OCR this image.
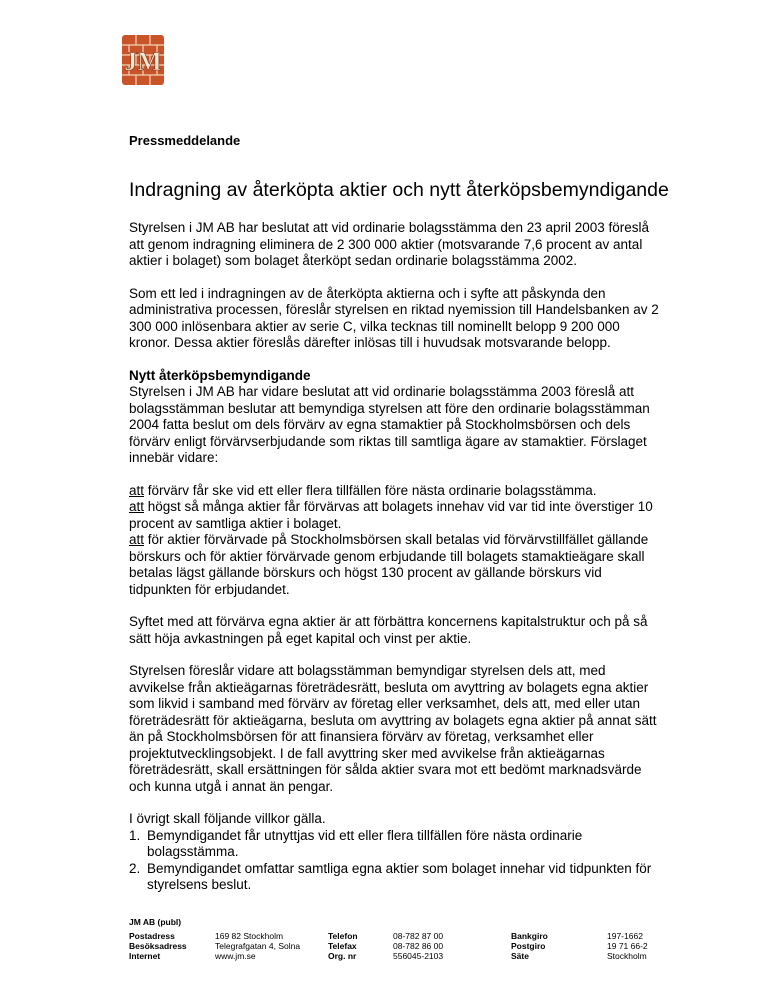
JM
Pressmeddelande
Indragning av återköpta aktier och nytt återköpsbemyndigande

Styrelsen i JM AB har beslutat att vid ordinarie bolagsstämma den 23 april 2003 föreslå att genom indragning eliminera de 2 300 000 aktier (motsvarande 7,6 procent av antal aktier i bolaget) som bolaget återköpt sedan ordinarie bolagsstämma 2002.

Som ett led i indragningen av de återköpta aktierna och i syfte att påskynda den administrativa processen, föreslår styrelsen en riktad nyemission till Handelsbanken av 2 300 000 inlösenbara aktier av serie C, vilka tecknas till nominellt belopp 9 200 000 kronor. Dessa aktier föreslås därefter inlösas till i huvudsak motsvarande belopp.

Nytt återköpsbemyndigande
Styrelsen i JM AB har vidare beslutat att vid ordinarie bolagsstämma 2003 föreslå att bolagsstämman beslutar att bemyndiga styrelsen att före den ordinarie bolagsstämman 2004 fatta beslut om dels förvärv av egna stamaktier på Stockholmsbörsen och dels förvärv enligt förvärvserbjudande som riktas till samtliga ägare av stamaktier. Förslaget innebär vidare:

att förvärv får ske vid ett eller flera tillfällen före nästa ordinarie bolagsstämma.
att högst så många aktier får förvärvas att bolagets innehav vid var tid inte överstiger 10 procent av samtliga aktier i bolaget.
att för aktier förvärvade på Stockholmsbörsen skall betalas vid förvärvstillfället gällande börskurs och för aktier förvärvade genom erbjudande till bolagets stamaktieägare skall betalas lägst gällande börskurs och högst 130 procent av gällande börskurs vid tidpunkten för erbjudandet.

Syftet med att förvärva egna aktier är att förbättra koncernens kapitalstruktur och på så sätt höja avkastningen på eget kapital och vinst per aktie.

Styrelsen föreslår vidare att bolagsstämman bemyndigar styrelsen dels att, med avvikelse från aktieägarnas företrädesrätt, besluta om avyttring av bolagets egna aktier som likvid i samband med förvärv av företag eller verksamhet, dels att, med eller utan företrädesrätt för aktieägarna, besluta om avyttring av bolagets egna aktier på annat sätt än på Stockholmsbörsen för att finansiera förvärv av företag, verksamhet eller projektutvecklingsobjekt. I de fall avyttring sker med avvikelse från aktieägarnas företrädesrätt, skall ersättningen för sålda aktier svara mot ett bedömt marknadsvärde och kunna utgå i annat än pengar.

I övrigt skall följande villkor gälla.
1. Bemyndigandet får utnyttjas vid ett eller flera tillfällen före nästa ordinarie bolagsstämma.
2. Bemyndigandet omfattar samtliga egna aktier som bolaget innehar vid tidpunkten för styrelsens beslut.
JM AB (publ)
Postadress
Besöksadress
Internet
169 82 Stockholm
Telegrafgatan 4, Solna
www.jm.se
Telefon
Telefax
Org. nr
08-782 87 00
08-782 86 00
556045-2103
Bankgiro
Postgiro
Säte
197-1662
19 71 66-2
Stockholm
